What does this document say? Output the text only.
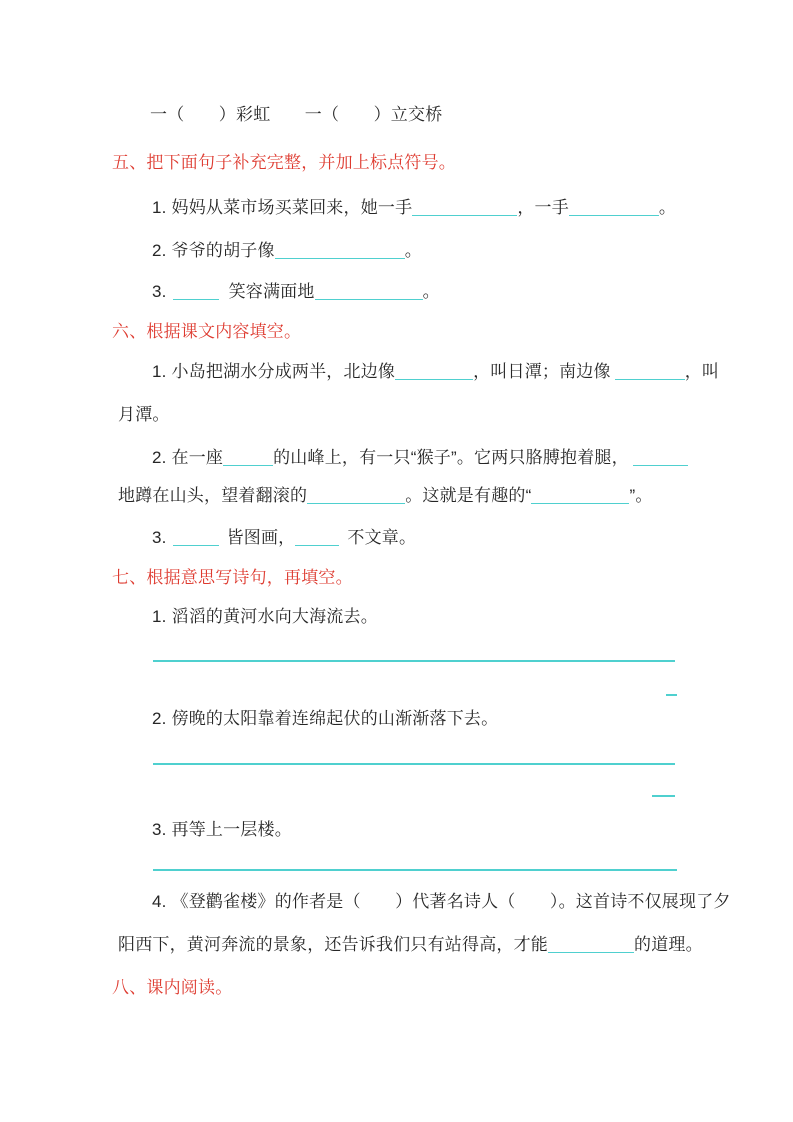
一（　　）彩虹　　一（　　）立交桥
五、把下面句子补充完整，并加上标点符号。
1. 妈妈从菜市场买菜回来，她一手	，一手	。
2. 爷爷的胡子像	。
3.	笑容满面地	。
六、根据课文内容填空。
1. 小岛把湖水分成两半，北边像	，叫日潭；南边像	，叫
月潭。
2. 在一座	的山峰上，有一只“猴子”。它两只胳膊抱着腿，
地蹲在山头，望着翻滚的	。这就是有趣的“	”。
3.	皆图画，	不文章。
七、根据意思写诗句，再填空。
1. 滔滔的黄河水向大海流去。
2. 傍晚的太阳靠着连绵起伏的山渐渐落下去。
3. 再等上一层楼。
4. 《登鹳雀楼》的作者是（　　）代著名诗人（　　）。这首诗不仅展现了夕
阳西下，黄河奔流的景象，还告诉我们只有站得高，才能	的道理。
八、课内阅读。
